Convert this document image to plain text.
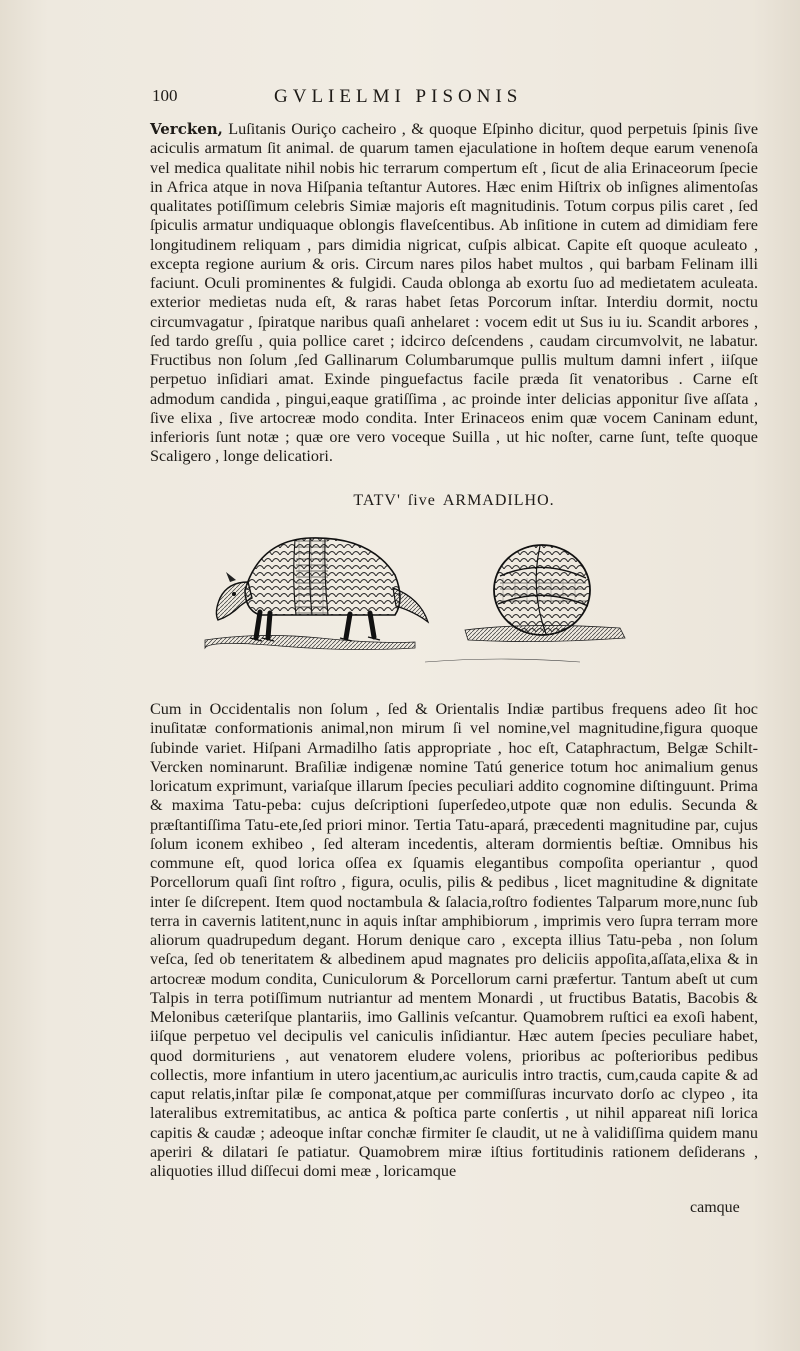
100	GVLIELMI PISONIS

Vercken, Luſitanis Ouriço cacheiro , & quoque Eſpinho dicitur, quod perpetuis ſpinis ſive aciculis armatum ſit animal. de quarum tamen ejaculatione in hoſtem deque earum venenoſa vel medica qualitate nihil nobis hic terrarum compertum eſt , ſicut de alia Erinaceorum ſpecie in Africa atque in nova Hiſpania teſtantur Autores. Hæc enim Hiſtrix ob inſignes alimentoſas qualitates potiſſimum celebris Simiæ majoris eſt magnitudinis. Totum corpus pilis caret , ſed ſpiculis armatur undiquaque oblongis flaveſcentibus. Ab inſitione in cutem ad dimidiam fere longitudinem reliquam , pars dimidia nigricat, cuſpis albicat. Capite eſt quoque aculeato , excepta regione aurium & oris. Circum nares pilos habet multos , qui barbam Felinam illi faciunt. Oculi prominentes & fulgidi. Cauda oblonga ab exortu ſuo ad medietatem aculeata. exterior medietas nuda eſt, & raras habet ſetas Porcorum inſtar. Interdiu dormit, noctu circumvagatur , ſpiratque naribus quaſi anhelaret : vocem edit ut Sus iu iu. Scandit arbores , ſed tardo greſſu , quia pollice caret ; idcirco deſcendens , caudam circumvolvit, ne labatur. Fructibus non ſolum ,ſed Gallinarum Columbarumque pullis multum damni infert , iiſque perpetuo inſidiari amat. Exinde pinguefactus facile præda ſit venatoribus . Carne eſt admodum candida , pingui,eaque gratiſſima , ac proinde inter delicias apponitur ſive aſſata , ſive elixa , ſive artocreæ modo condita. Inter Erinaceos enim quæ vocem Caninam edunt, inferioris ſunt notæ ; quæ ore vero voceque Suilla , ut hic noſter, carne ſunt, teſte quoque Scaligero , longe delicatiori.

TATV' ſive ARMADILHO.

Cum in Occidentalis non ſolum , ſed & Orientalis Indiæ partibus frequens adeo ſit hoc inuſitatæ conformationis animal,non mirum ſi vel nomine,vel magnitudine,figura quoque ſubinde variet. Hiſpani Armadilho ſatis appropriate , hoc eſt, Cataphractum, Belgæ Schilt-Vercken nominarunt. Braſiliæ indigenæ nomine Tatú generice totum hoc animalium genus loricatum exprimunt, variaſque illarum ſpecies peculiari addito cognomine diſtinguunt. Prima & maxima Tatu-peba: cujus deſcriptioni ſuperſedeo,utpote quæ non edulis. Secunda & præſtantiſſima Tatu-ete,ſed priori minor. Tertia Tatu-apará, præcedenti magnitudine par, cujus ſolum iconem exhibeo , ſed alteram incedentis, alteram dormientis beſtiæ. Omnibus his commune eſt, quod lorica oſſea ex ſquamis elegantibus compoſita operiantur , quod Porcellorum quaſi ſint roſtro , figura, oculis, pilis & pedibus , licet magnitudine & dignitate inter ſe diſcrepent. Item quod noctambula & ſalacia,roſtro fodientes Talparum more,nunc ſub terra in cavernis latitent,nunc in aquis inſtar amphibiorum , imprimis vero ſupra terram more aliorum quadrupedum degant. Horum denique caro , excepta illius Tatu-peba , non ſolum veſca, ſed ob teneritatem & albedinem apud magnates pro deliciis appoſita,aſſata,elixa & in artocreæ modum condita, Cuniculorum & Porcellorum carni præfertur. Tantum abeſt ut cum Talpis in terra potiſſimum nutriantur ad mentem Monardi , ut fructibus Batatis, Bacobis & Melonibus cæteriſque plantariis, imo Gallinis veſcantur. Quamobrem ruſtici ea exoſi habent, iiſque perpetuo vel decipulis vel caniculis inſidiantur. Hæc autem ſpecies peculiare habet, quod dormituriens , aut venatorem eludere volens, prioribus ac poſterioribus pedibus collectis, more infantium in utero jacentium,ac auriculis intro tractis, cum,cauda capite & ad caput relatis,inſtar pilæ ſe componat,atque per commiſſuras incurvato dorſo ac clypeo , ita lateralibus extremitatibus, ac antica & poſtica parte conſertis , ut nihil appareat niſi lorica capitis & caudæ ; adeoque inſtar conchæ firmiter ſe claudit, ut ne à validiſſima quidem manu aperiri & dilatari ſe patiatur. Quamobrem miræ iſtius fortitudinis rationem deſiderans , aliquoties illud diſſecui domi meæ , loricamque

camque
